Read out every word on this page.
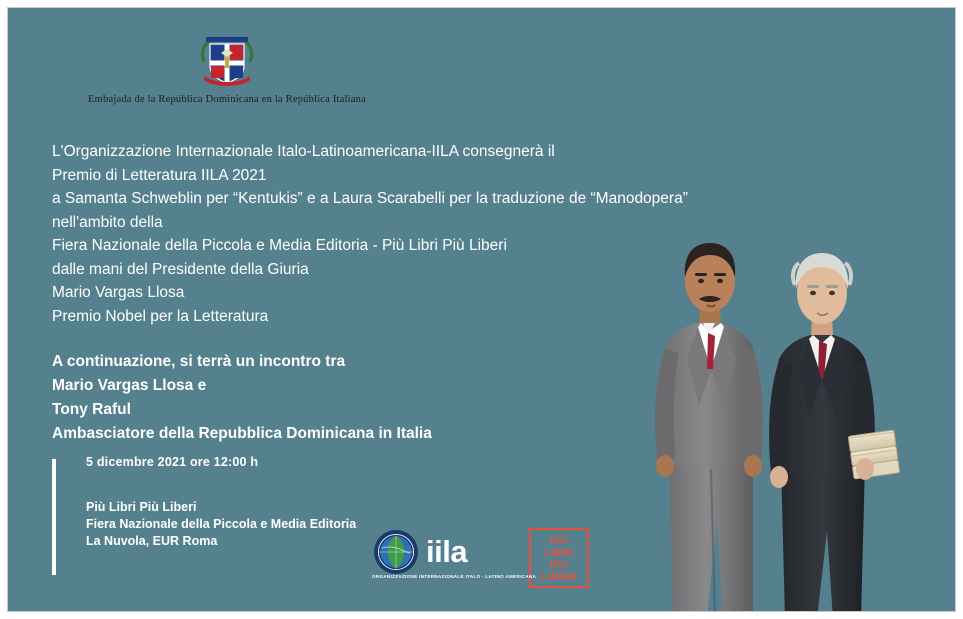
Embajada de la República Dominicana en la República Italiana
L'Organizzazione Internazionale Italo-Latinoamericana-IILA consegnerà il
Premio di Letteratura IILA 2021
a Samanta Schweblin per “Kentukis” e a Laura Scarabelli per la traduzione de “Manodopera”
nell'ambito della
Fiera Nazionale della Piccola e Media Editoria - Più Libri Più Liberi
dalle mani del Presidente della Giuria
Mario Vargas Llosa
Premio Nobel per la Letteratura
A continuazione, si terrà un incontro tra
Mario Vargas Llosa e
Tony Raful
Ambasciatore della Repubblica Dominicana in Italia
5 dicembre 2021 ore 12:00 h
Più Libri Più Liberi
Fiera Nazionale della Piccola e Media Editoria
La Nuvola, EUR Roma	iila
ORGANIZZAZIONE INTERNAZIONALE ITALO - LATINO AMERICANA
PIÙ
LIBRI
PIÙ
LIBERI
